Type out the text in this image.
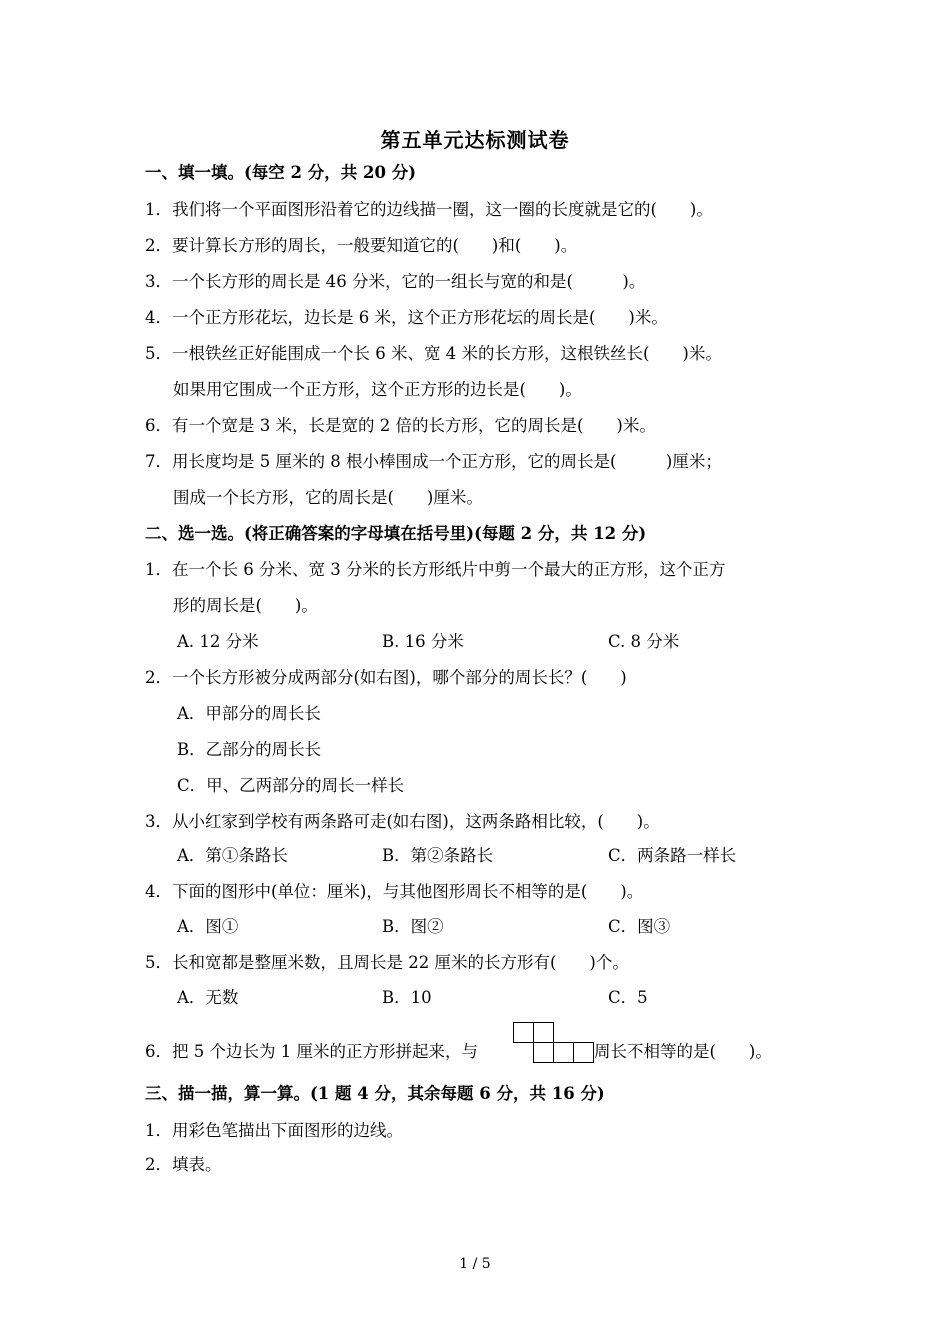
第五单元达标测试卷
一、填一填。(每空 2 分，共 20 分)
1．我们将一个平面图形沿着它的边线描一圈，这一圈的长度就是它的(　　)。
2．要计算长方形的周长，一般要知道它的(　　)和(　　)。
3．一个长方形的周长是 46 分米，它的一组长与宽的和是(　　　)。
4．一个正方形花坛，边长是 6 米，这个正方形花坛的周长是(　　)米。
5．一根铁丝正好能围成一个长 6 米、宽 4 米的长方形，这根铁丝长(　　)米。
如果用它围成一个正方形，这个正方形的边长是(　　)。
6．有一个宽是 3 米，长是宽的 2 倍的长方形，它的周长是(　　)米。
7．用长度均是 5 厘米的 8 根小棒围成一个正方形，它的周长是(　　　)厘米；
围成一个长方形，它的周长是(　　)厘米。
二、选一选。(将正确答案的字母填在括号里)(每题 2 分，共 12 分)
1．在一个长 6 分米、宽 3 分米的长方形纸片中剪一个最大的正方形，这个正方
形的周长是(　　)。
A. 12 分米	B. 16 分米	C. 8 分米
2．一个长方形被分成两部分(如右图)，哪个部分的周长长？(　　)
A．甲部分的周长长
B．乙部分的周长长
C．甲、乙两部分的周长一样长
3．从小红家到学校有两条路可走(如右图)，这两条路相比较，(　　)。
A．第①条路长	B．第②条路长	C．两条路一样长
4．下面的图形中(单位：厘米)，与其他图形周长不相等的是(　　)。
A．图①	B．图②	C．图③
5．长和宽都是整厘米数，且周长是 22 厘米的长方形有(　　)个。
A．无数	B．10	C．5
6．把 5 个边长为 1 厘米的正方形拼起来，与	周长不相等的是(　　)。
三、描一描，算一算。(1 题 4 分，其余每题 6 分，共 16 分)
1．用彩色笔描出下面图形的边线。
2．填表。
1 / 5
